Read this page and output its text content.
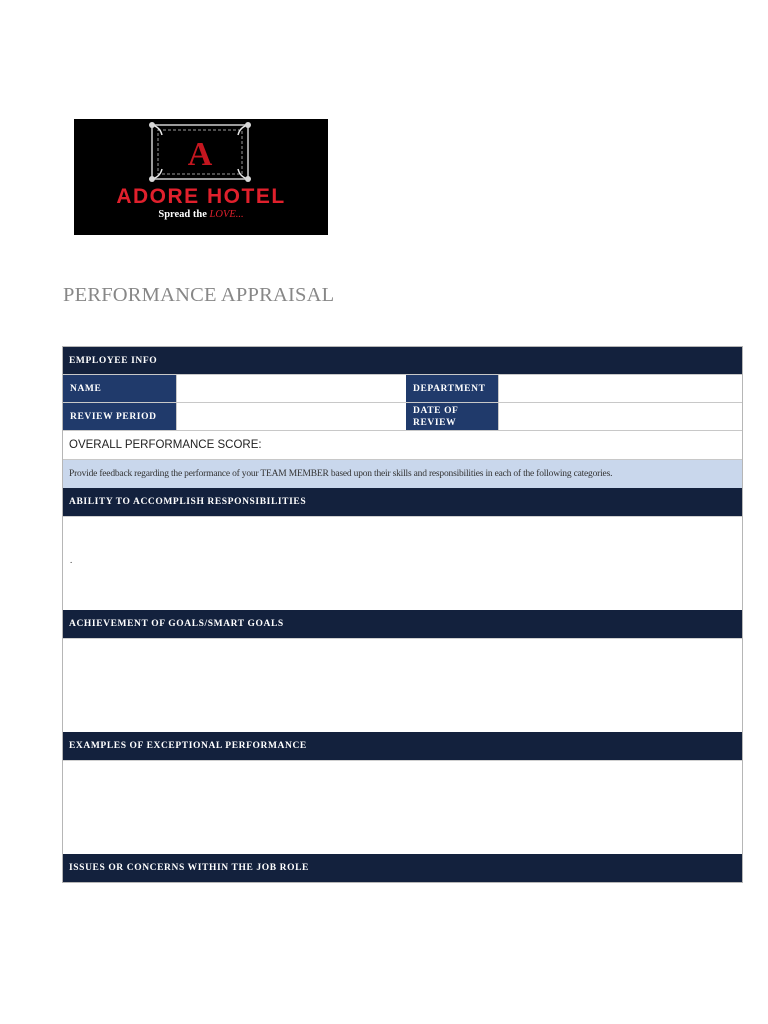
A
ADORE HOTEL
Spread the LOVE...
PERFORMANCE APPRAISAL
EMPLOYEE INFO
NAME	DEPARTMENT
REVIEW PERIOD
DATE OF REVIEW
OVERALL PERFORMANCE SCORE:
Provide feedback regarding the performance of your TEAM MEMBER based upon their skills and responsibilities in each of the following categories.
ABILITY TO ACCOMPLISH RESPONSIBILITIES
.
ACHIEVEMENT OF GOALS/SMART GOALS
EXAMPLES OF EXCEPTIONAL PERFORMANCE
ISSUES OR CONCERNS WITHIN THE JOB ROLE
